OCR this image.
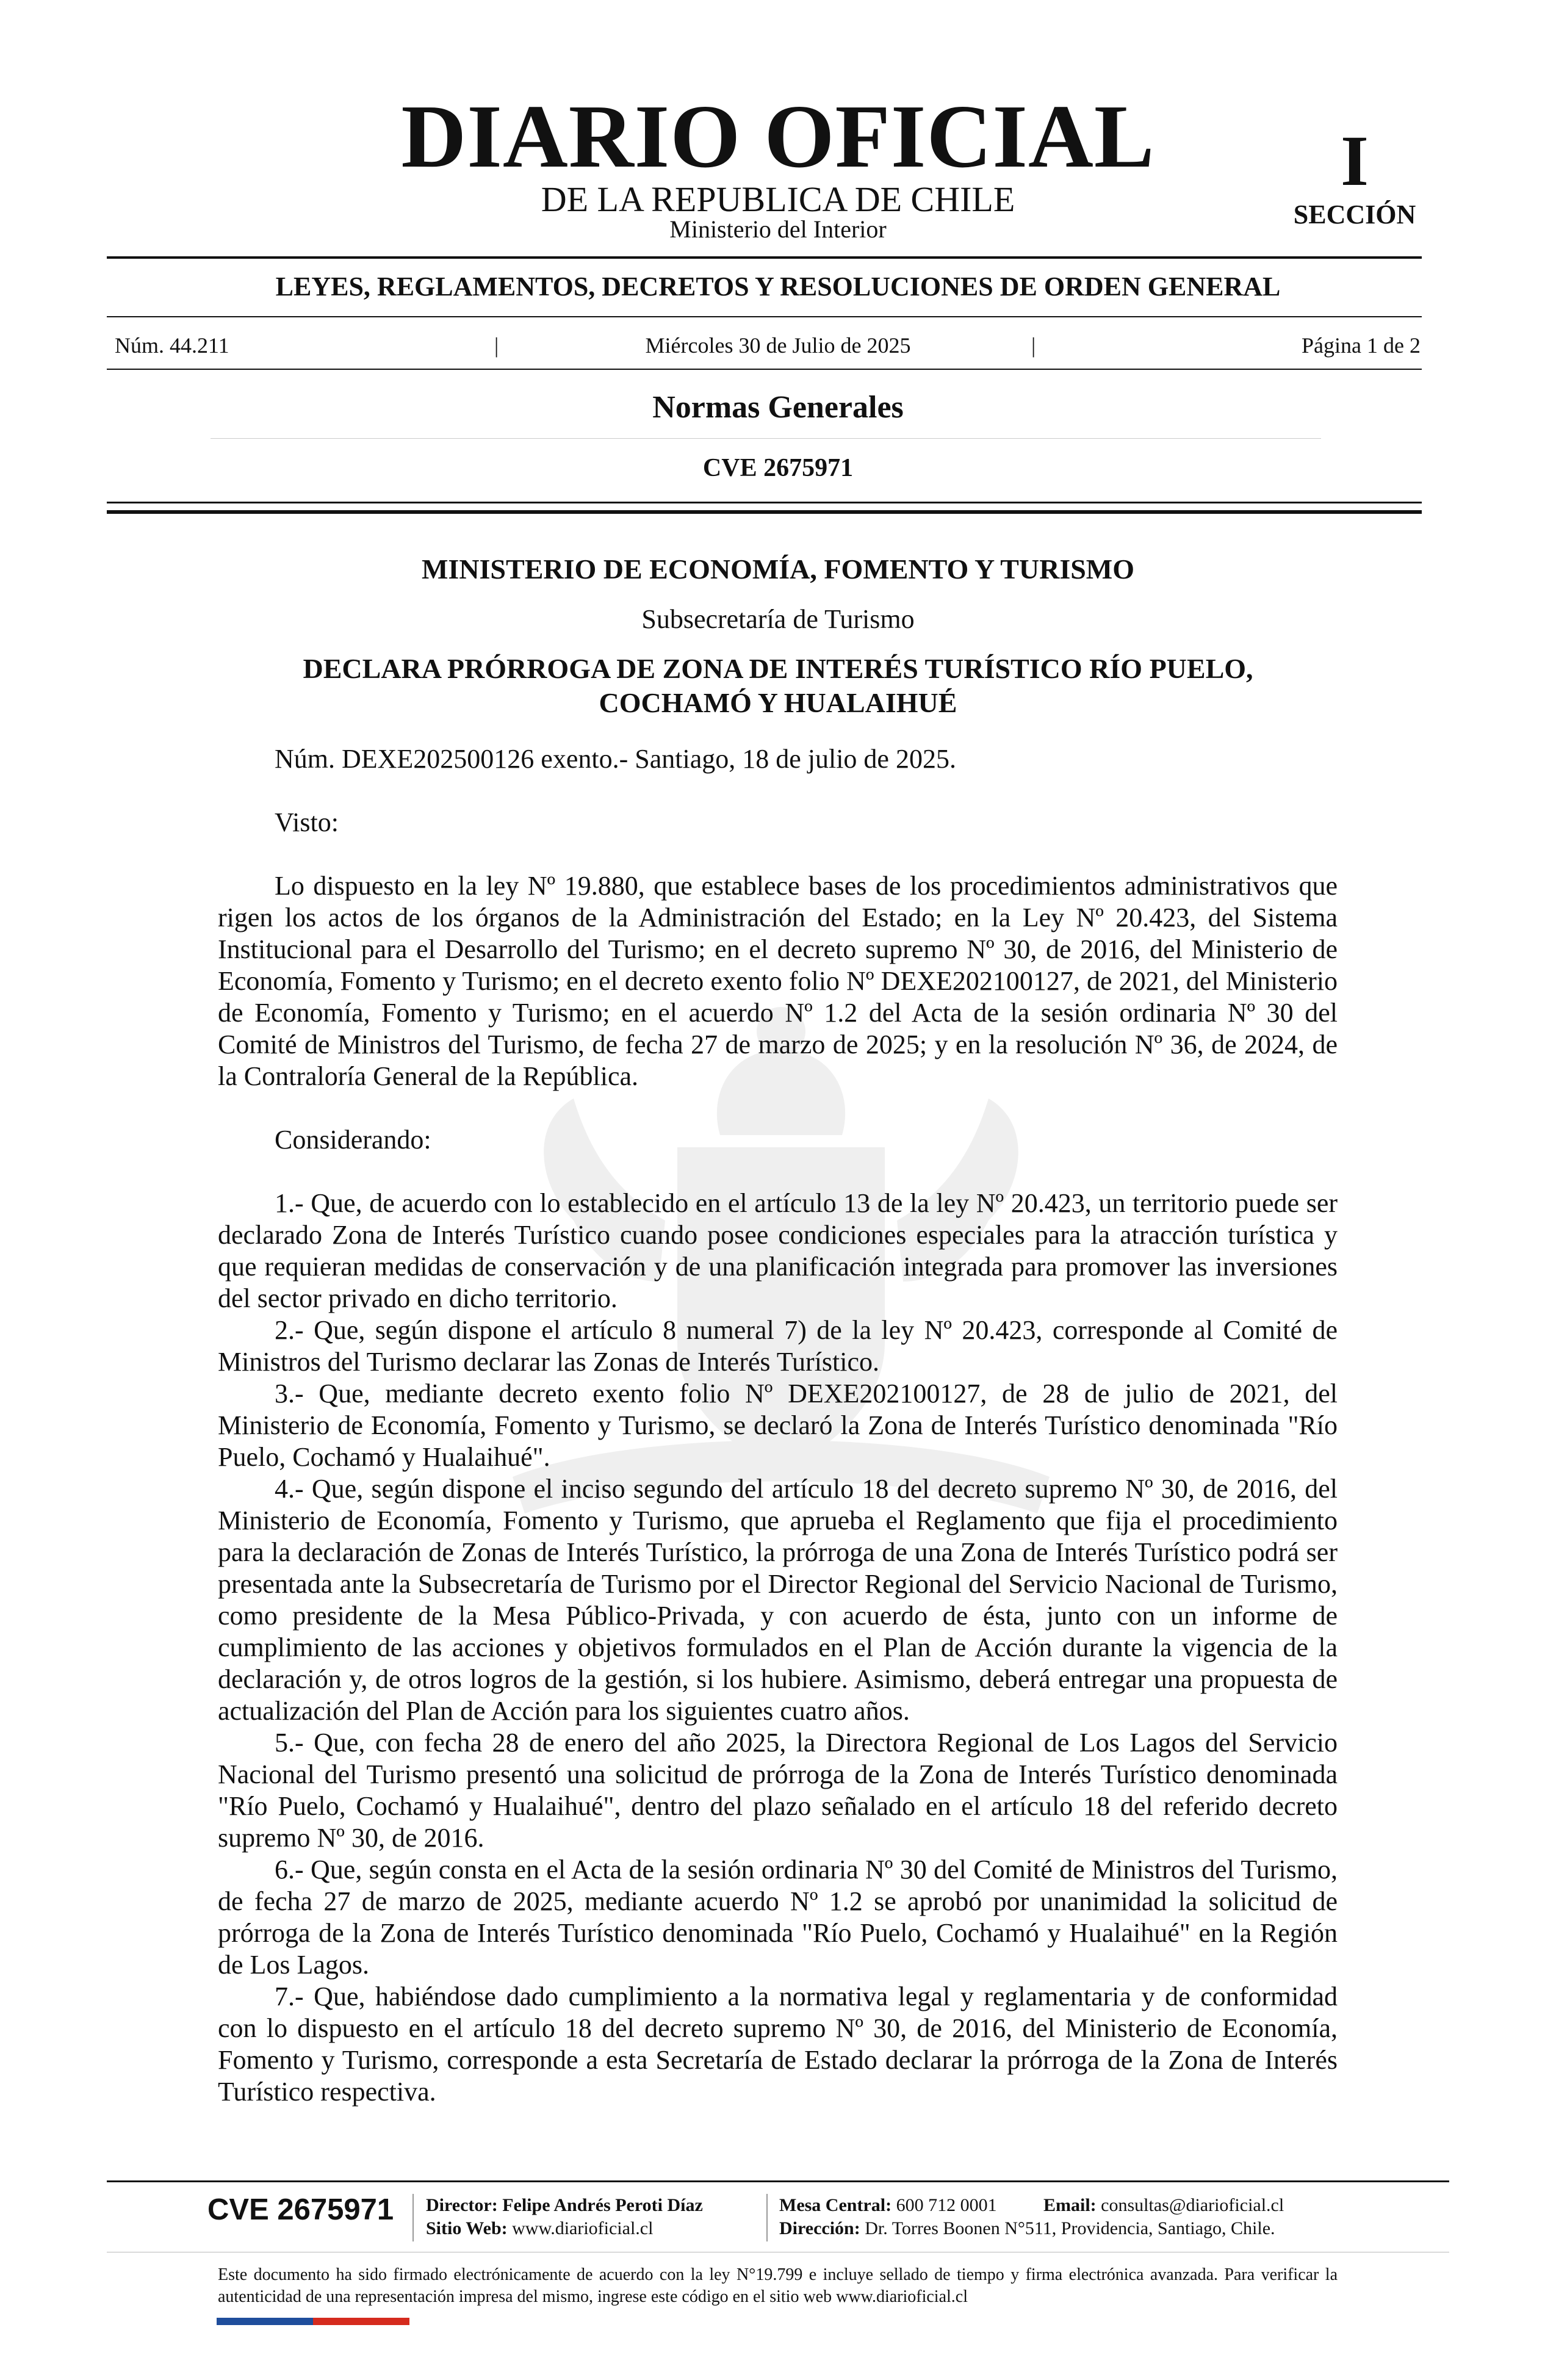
DIARIO OFICIAL
DE LA REPUBLICA DE CHILE
Ministerio del Interior
I
SECCIÓN
LEYES, REGLAMENTOS, DECRETOS Y RESOLUCIONES DE ORDEN GENERAL
Núm. 44.211	|	Miércoles 30 de Julio de 2025	|	Página 1 de 2
Normas Generales
CVE 2675971
MINISTERIO DE ECONOMÍA, FOMENTO Y TURISMO
Subsecretaría de Turismo
DECLARA PRÓRROGA DE ZONA DE INTERÉS TURÍSTICO RÍO PUELO,
COCHAMÓ Y HUALAIHUÉ

Núm. DEXE202500126 exento.- Santiago, 18 de julio de 2025.

Visto:

Lo dispuesto en la ley Nº 19.880, que establece bases de los procedimientos administrativos que rigen los actos de los órganos de la Administración del Estado; en la Ley Nº 20.423, del Sistema Institucional para el Desarrollo del Turismo; en el decreto supremo Nº 30, de 2016, del Ministerio de Economía, Fomento y Turismo; en el decreto exento folio Nº DEXE202100127, de 2021, del Ministerio de Economía, Fomento y Turismo; en el acuerdo Nº 1.2 del Acta de la sesión ordinaria Nº 30 del Comité de Ministros del Turismo, de fecha 27 de marzo de 2025; y en la resolución Nº 36, de 2024, de la Contraloría General de la República.

Considerando:

1.- Que, de acuerdo con lo establecido en el artículo 13 de la ley Nº 20.423, un territorio puede ser declarado Zona de Interés Turístico cuando posee condiciones especiales para la atracción turística y que requieran medidas de conservación y de una planificación integrada para promover las inversiones del sector privado en dicho territorio.

2.- Que, según dispone el artículo 8 numeral 7) de la ley Nº 20.423, corresponde al Comité de Ministros del Turismo declarar las Zonas de Interés Turístico.

3.- Que, mediante decreto exento folio Nº DEXE202100127, de 28 de julio de 2021, del Ministerio de Economía, Fomento y Turismo, se declaró la Zona de Interés Turístico denominada "Río Puelo, Cochamó y Hualaihué".

4.- Que, según dispone el inciso segundo del artículo 18 del decreto supremo Nº 30, de 2016, del Ministerio de Economía, Fomento y Turismo, que aprueba el Reglamento que fija el procedimiento para la declaración de Zonas de Interés Turístico, la prórroga de una Zona de Interés Turístico podrá ser presentada ante la Subsecretaría de Turismo por el Director Regional del Servicio Nacional de Turismo, como presidente de la Mesa Público-Privada, y con acuerdo de ésta, junto con un informe de cumplimiento de las acciones y objetivos formulados en el Plan de Acción durante la vigencia de la declaración y, de otros logros de la gestión, si los hubiere. Asimismo, deberá entregar una propuesta de actualización del Plan de Acción para los siguientes cuatro años.

5.- Que, con fecha 28 de enero del año 2025, la Directora Regional de Los Lagos del Servicio Nacional del Turismo presentó una solicitud de prórroga de la Zona de Interés Turístico denominada "Río Puelo, Cochamó y Hualaihué", dentro del plazo señalado en el artículo 18 del referido decreto supremo Nº 30, de 2016.

6.- Que, según consta en el Acta de la sesión ordinaria Nº 30 del Comité de Ministros del Turismo, de fecha 27 de marzo de 2025, mediante acuerdo Nº 1.2 se aprobó por unanimidad la solicitud de prórroga de la Zona de Interés Turístico denominada "Río Puelo, Cochamó y Hualaihué" en la Región de Los Lagos.

7.- Que, habiéndose dado cumplimiento a la normativa legal y reglamentaria y de conformidad con lo dispuesto en el artículo 18 del decreto supremo Nº 30, de 2016, del Ministerio de Economía, Fomento y Turismo, corresponde a esta Secretaría de Estado declarar la prórroga de la Zona de Interés Turístico respectiva.

CVE 2675971 Director: Felipe Andrés Peroti Díaz
Sitio Web: www.diarioficial.cl
Mesa Central: 600 712 0001	Email: consultas@diarioficial.cl
Dirección: Dr. Torres Boonen N°511, Providencia, Santiago, Chile.
Este documento ha sido firmado electrónicamente de acuerdo con la ley N°19.799 e incluye sellado de tiempo y firma electrónica avanzada. Para verificar la autenticidad de una representación impresa del mismo, ingrese este código en el sitio web www.diarioficial.cl
